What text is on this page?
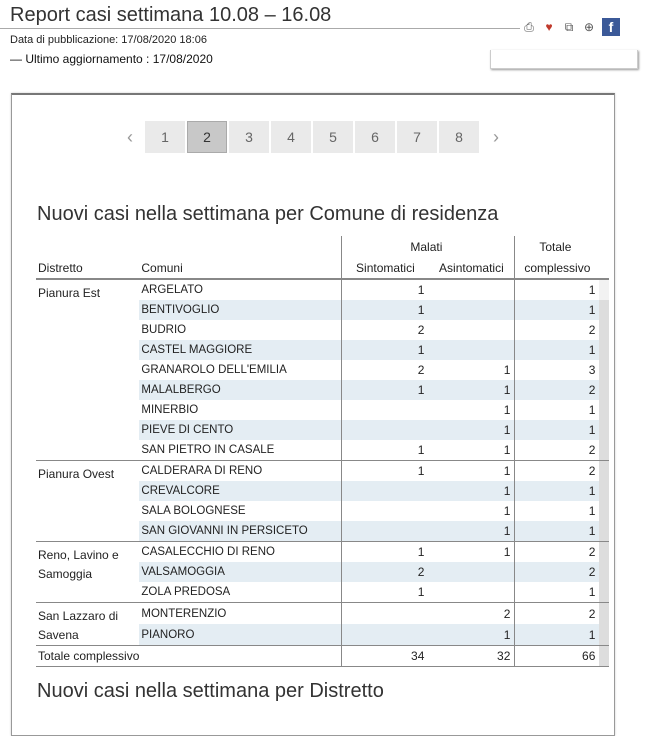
Report casi settimana 10.08 – 16.08
Data di pubblicazione: 17/08/2020 18:06
— Ultimo aggiornamento : 17/08/2020
⎙ ♥ ⧉ ⊕	f
‹	1	2	3	4	5	6	7	8	›
Nuovi casi nella settimana per Comune di residenza
		Malati		Totale	
Distretto	Comuni	Sintomatici	Asintomatici	complessivo	
Pianura Est	ARGELATO	1		1	
	BENTIVOGLIO	1		1	
	BUDRIO	2		2	
	CASTEL MAGGIORE	1		1	
	GRANAROLO DELL'EMILIA	2	1	3	
	MALALBERGO	1	1	2	
	MINERBIO		1	1	
	PIEVE DI CENTO		1	1	
	SAN PIETRO IN CASALE	1	1	2	
Pianura Ovest	CALDERARA DI RENO	1	1	2	
	CREVALCORE		1	1	
	SALA BOLOGNESE		1	1	
	SAN GIOVANNI IN PERSICETO		1	1	
Reno, Lavino e Samoggia	CASALECCHIO DI RENO	1	1	2	
	VALSAMOGGIA	2		2	
	ZOLA PREDOSA	1		1	
San Lazzaro di Savena	MONTERENZIO		2	2	
	PIANORO		1	1	
Totale complessivo		34	32	66	
Nuovi casi nella settimana per Distretto
